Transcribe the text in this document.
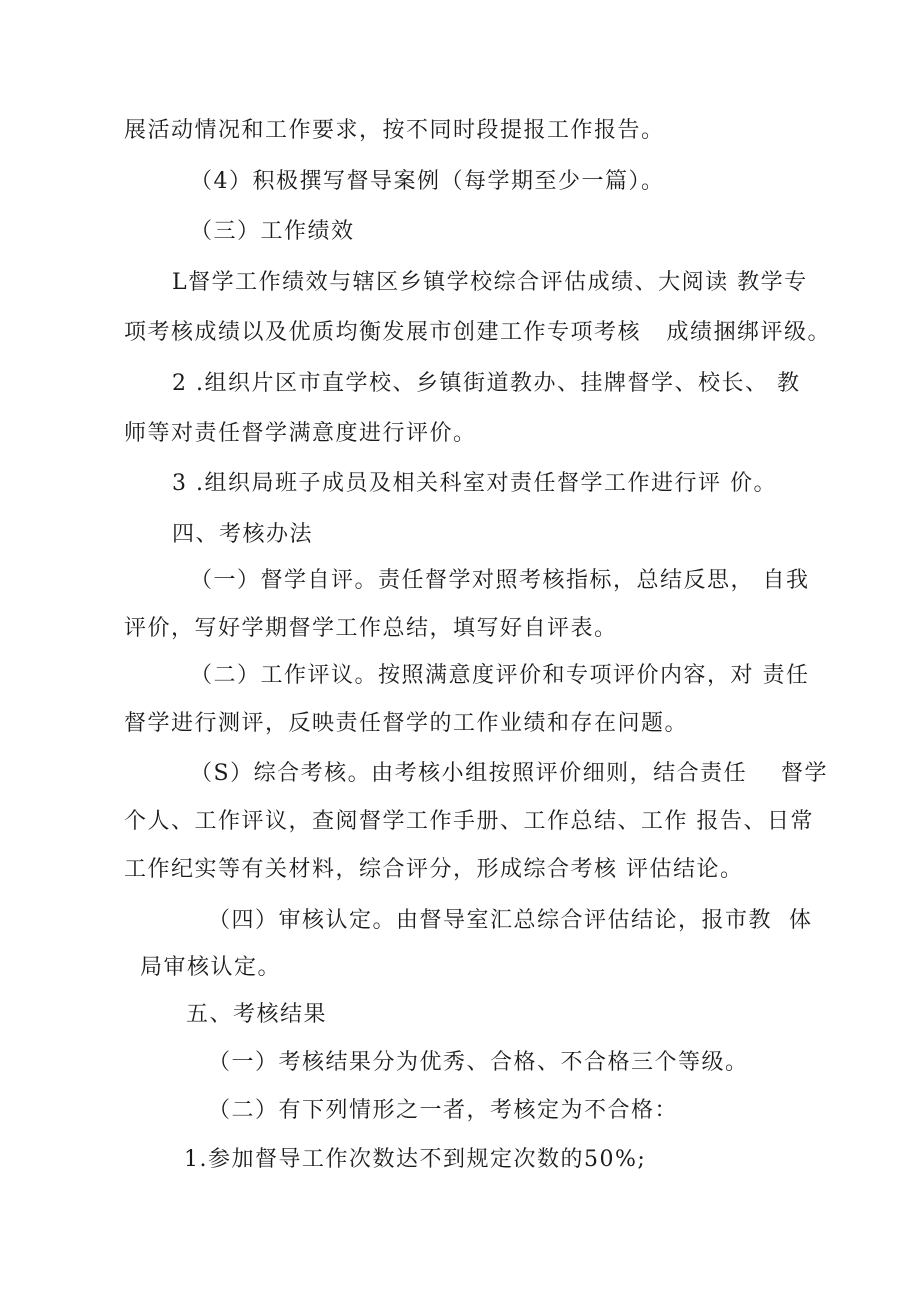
展活动情况和工作要求，按不同时段提报工作报告。
（4）积极撰写督导案例（每学期至少一篇）。
（三）工作绩效
L督学工作绩效与辖区乡镇学校综合评估成绩、大阅读 教学专
项考核成绩以及优质均衡发展市创建工作专项考核   成绩捆绑评级。
2 .组织片区市直学校、乡镇街道教办、挂牌督学、校长、 教
师等对责任督学满意度进行评价。
3 .组织局班子成员及相关科室对责任督学工作进行评 价。
四、考核办法
（一）督学自评。责任督学对照考核指标，总结反思， 自我
评价，写好学期督学工作总结，填写好自评表。
（二）工作评议。按照满意度评价和专项评价内容，对 责任
督学进行测评，反映责任督学的工作业绩和存在问题。
（S）综合考核。由考核小组按照评价细则，结合责任    督学
个人、工作评议，查阅督学工作手册、工作总结、工作 报告、日常
工作纪实等有关材料，综合评分，形成综合考核 评估结论。
（四）审核认定。由督导室汇总综合评估结论，报市教  体
局审核认定。
五、考核结果
（一）考核结果分为优秀、合格、不合格三个等级。
（二）有下列情形之一者，考核定为不合格：
1.参加督导工作次数达不到规定次数的50%;
